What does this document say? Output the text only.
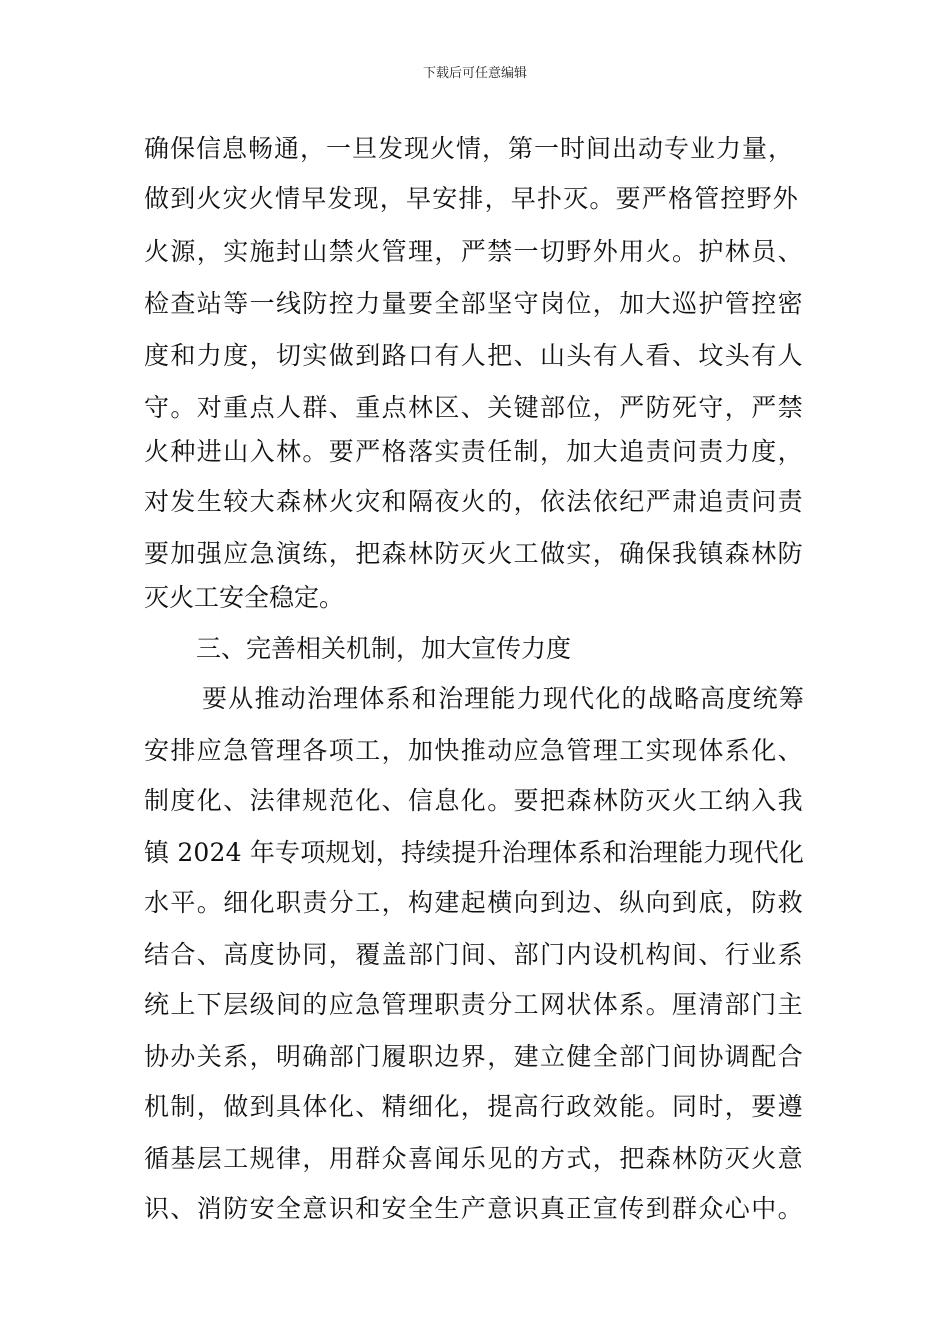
下载后可任意编辑
确保信息畅通，一旦发现火情，第一时间出动专业力量，
做到火灾火情早发现，早安排，早扑灭。要严格管控野外
火源，实施封山禁火管理，严禁一切野外用火。护林员、
检查站等一线防控力量要全部坚守岗位，加大巡护管控密
度和力度，切实做到路口有人把、山头有人看、坟头有人
守。对重点人群、重点林区、关键部位，严防死守，严禁
火种进山入林。要严格落实责任制，加大追责问责力度，
对发生较大森林火灾和隔夜火的，依法依纪严肃追责问责
要加强应急演练，把森林防灭火工做实，确保我镇森林防
灭火工安全稳定。
三、完善相关机制，加大宣传力度
要从推动治理体系和治理能力现代化的战略高度统筹
安排应急管理各项工，加快推动应急管理工实现体系化、
制度化、法律规范化、信息化。要把森林防灭火工纳入我
镇 2024 年专项规划，持续提升治理体系和治理能力现代化
水平。细化职责分工，构建起横向到边、纵向到底，防救
结合、高度协同，覆盖部门间、部门内设机构间、行业系
统上下层级间的应急管理职责分工网状体系。厘清部门主
协办关系，明确部门履职边界，建立健全部门间协调配合
机制，做到具体化、精细化，提高行政效能。同时，要遵
循基层工规律，用群众喜闻乐见的方式，把森林防灭火意
识、消防安全意识和安全生产意识真正宣传到群众心中。
